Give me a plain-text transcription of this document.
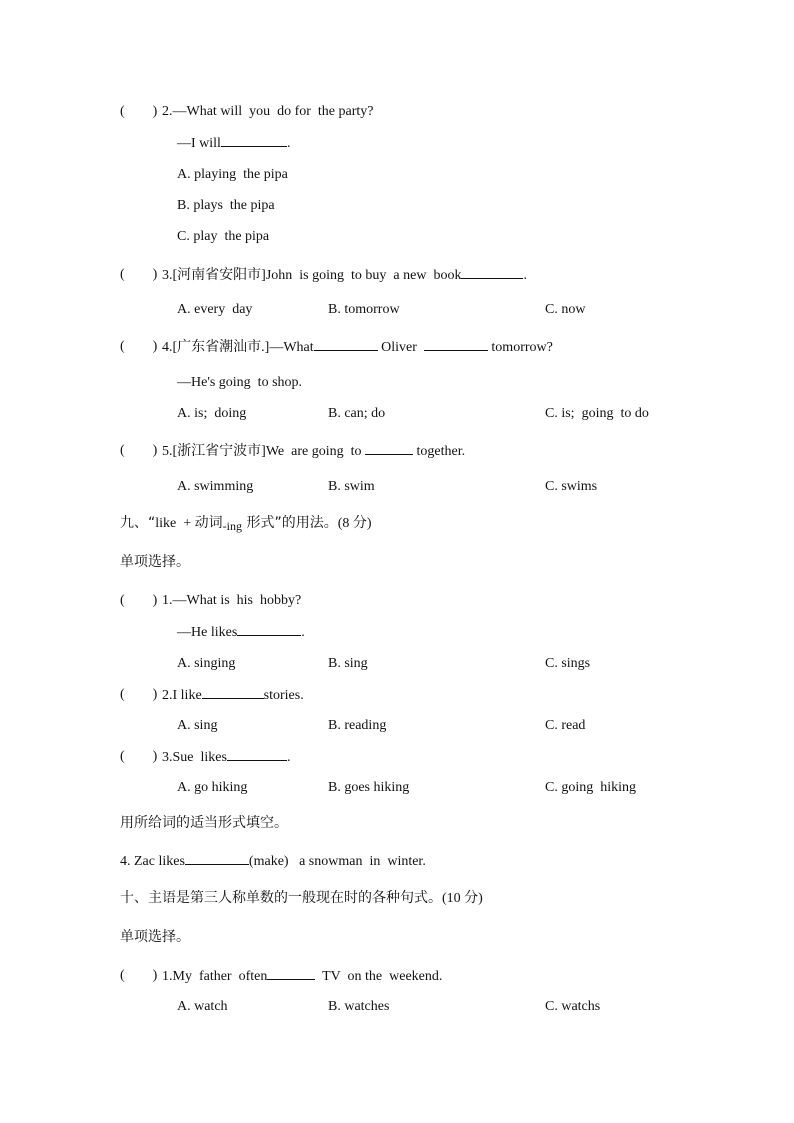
( ) 2.—What will  you  do for  the party?
—I will	.
A. playing  the pipa
B. plays  the pipa
C. play  the pipa
( ) 3.[河南省安阳市]John  is going  to buy  a new  book	.
A. every  day	B. tomorrow	C. now
( ) 4.[广东省潮汕市.]—What	Oliver	tomorrow?
—He's going  to shop.
A. is;  doing	B. can; do	C. is;  going  to do
( ) 5.[浙江省宁波市]We  are going  to	together.
A. swimming	B. swim	C. swims
九、“like  + 动词-ing 形式”的用法。(8 分)
单项选择。
( ) 1.—What is  his  hobby?
—He likes	.
A. singing	B. sing	C. sings
( ) 2.I like	stories.
A. sing	B. reading	C. read
( ) 3.Sue  likes	.
A. go hiking	B. goes hiking	C. going  hiking
用所给词的适当形式填空。
4. Zac likes	(make)   a snowman  in  winter.
十、主语是第三人称单数的一般现在时的各种句式。(10 分)
单项选择。
( ) 1.My  father  often	TV  on the  weekend.
A. watch	B. watches	C. watchs
